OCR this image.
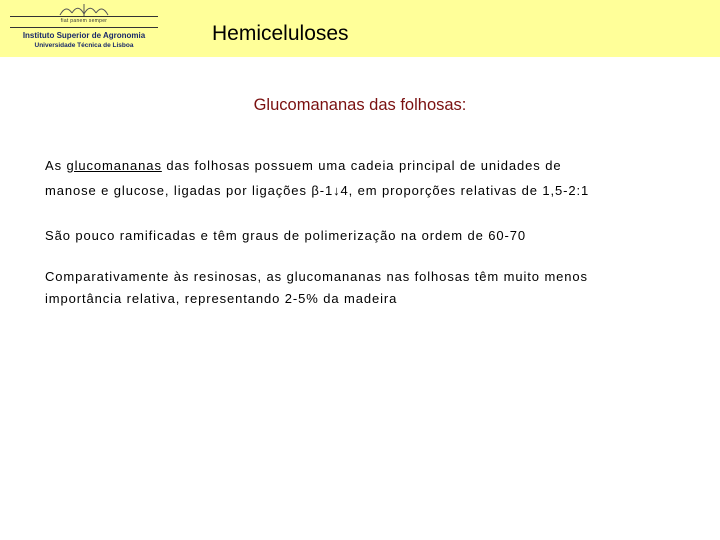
fiat panem semper
Instituto Superior de Agronomia
Universidade Técnica de Lisboa
Hemiceluloses
Glucomananas das folhosas:
As glucomananas das folhosas possuem uma cadeia principal de unidades de
manose e glucose, ligadas por ligações β-1↓4, em proporções relativas de 1,5-2:1
São pouco ramificadas e têm graus de polimerização na ordem de 60-70
Comparativamente às resinosas, as glucomananas nas folhosas têm muito menos
importância relativa, representando 2-5% da madeira
